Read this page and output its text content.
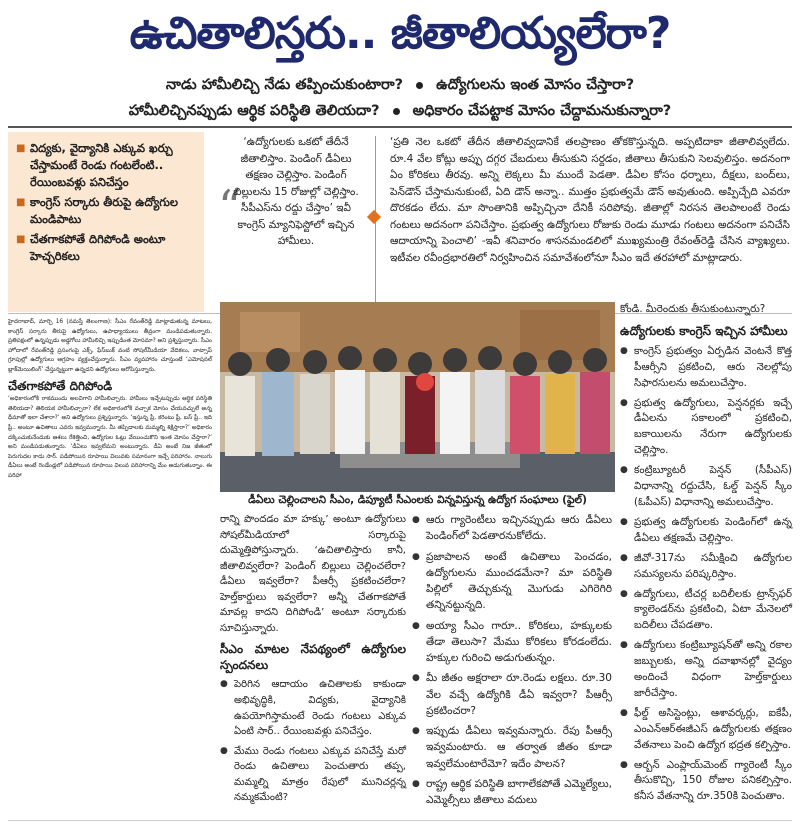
ఉచితాలిస్తరు.. జీతాలియ్యలేరా?
నాడు హామీలిచ్చి నేడు తప్పించుకుంటారా? ఉద్యోగులను ఇంత మోసం చేస్తారా?
హామీలిచ్చినప్పుడు ఆర్థిక పరిస్థితి తెలియదా? అధికారం చేపట్టాక మోసం చేద్దామనుకున్నారా?
■ విద్యకు, వైద్యానికి ఎక్కువ ఖర్చు చేస్తామంటే రెండు గంటలేంటి.. రేయింబవళ్లు పనిచేస్తం
■ కాంగ్రెస్ సర్కారు తీరుపై ఉద్యోగుల మండిపాటు
■ చేతగాకపోతే దిగిపోండి అంటూ హెచ్చరికలు
“
‘ఉద్యోగులకు ఒకటో తేదీనే జీతాలిస్తాం. పెండింగ్ డీఏలు తక్షణం చెల్లిస్తాం. పెండింగ్ బిల్లులను 15 రోజుల్లో చెల్లిస్తాం. సీపీఎస్‌ను రద్దు చేస్తాం’ ఇవీ కాంగ్రెస్ మ్యానిఫెస్టోలో ఇచ్చిన హామీలు.
‘ప్రతి నెల ఒకటో తేదీన జీతాలివ్వడానికే తలప్రాణం తోకకొస్తున్నది. అప్పటిదాకా జీతాలివ్వలేదు. రూ.4 వేల కోట్లు అప్పు దగ్గర చేబదులు తీసుకుని సర్దడం, జీతాలు తీసుకుని సెలవులిస్తం. అదనంగా ఏం కోరికలు తీరవు. అన్ని లెక్కలు మీ ముందే పెడతా. డీఏల కోసం ధర్నాలు, దీక్షలు, బంద్‌లు, పెన్‌డౌన్ చేస్తామనుకుంటే, ఏది డౌన్ అన్నా.. ముత్తం ప్రభుత్వమే డౌన్ అవుతుంది. అప్పిచ్చేది ఎవరూ దొరకడం లేదు. మా సొంతానికి అప్పిచ్చినా దేనికీ సరిపోవు. జీతాల్లో నిరసన తెలపాలంటే రెండు గంటలు అదనంగా పనిచేస్తాం. ప్రభుత్వ ఉద్యోగులు రోజుకు రెండు మూడు గంటలు అదనంగా పనిచేసి ఆదాయాన్ని పెంచాలి’ -ఇవీ శనివారం శాసనమండలిలో ముఖ్యమంత్రి రేవంత్‌రెడ్డి చేసిన వ్యాఖ్యలు. ఇటీవల రవీంద్రభారతిలో నిర్వహించిన సమావేశంలోనూ సీఎం ఇదే తరహాలో మాట్లాడారు.
హైదరాబాద్, మార్చి 16 (నమస్తే తెలంగాణ): సీఎం రేవంత్‌రెడ్డి మాట్లాడుతున్న మాటలు, కాంగ్రెస్ సర్కారు తీరుపై ఉద్యోగులు, ఉపాధ్యాయులు తీవ్రంగా మండిపడుతున్నారు. ప్రతిపక్షంలో ఉన్నప్పుడు అడ్డగోలు హామీలిచ్చి ఇప్పుడింత మోసమా? అని ప్రశ్నిస్తున్నారు. సీఎం హోదాలో రేవంత్‌రెడ్డి ప్రసంగంపై ఎక్స్, ఫేస్‌బుక్ వంటి సోషల్‌మీడియా వేదికలు, వాట్సాప్ గ్రూపుల్లో ఉద్యోగులు ఆగ్రహం వ్యక్తంచేస్తున్నారు. సీఎం వ్యవహారం చూస్తుంటే ‘ఎమోషనల్ బ్లాక్‌మెయిలింగ్’ చేస్తున్నట్టుగా ఉన్నదని ఉద్యోగులు ఆరోపిస్తున్నారు.
చేతగాకపోతే దిగిపోండి
‘అధికారంలోకి రాకముందు అలవిగాని హామీలిచ్చారు. హామీలు ఇచ్చేటప్పుడు ఆర్థిక పరిస్థితి తెలియదా? తెలియక హామీలిచ్చారా? లేక అధికారంలోకి వచ్చాక మోసం చేయవచ్చులే అన్న ధీమాతో ఇలా చేశారా?’ అని ఉద్యోగులు ప్రశ్నిస్తున్నారు. ‘ఇస్తున్న ఫ్రీ, కరెంటు ఫ్రీ, బస్ ఫ్రీ.. ఇది ఫ్రీ.. అంటూ ఉచితాలు ఎవరు ఇవ్వమన్నారు. మీ తప్పిదాలకు మమ్మల్ని శిక్షిస్తారా?’ అధికారం దక్కించుకునేందుకు ఆశలు రేకెత్తించి, ఉద్యోగుల ఓట్లు వేయించుకొని ఇంత మోసం చేస్తారా?’ అని మండిపడుతున్నారు. ‘డీఏలు ఇవ్వలేమని అంటున్నారు. డీఏ అంటే నిజ జీతంలో పెరుగుదల కాదు సార్. పడిపోయిన రూపాయి విలువకు సమానంగా ఇచ్చే పరిహారం. నాలుగు డీఏలు అంటే రెండేండ్లలో పడిపోయిన రూపాయి విలువ పరిహారాన్ని మేం అడుగుతున్నాం. ఈ పరిహా
డీఏలు చెల్లించాలని సీఎం, డిప్యూటీ సీఎంలకు విన్నవిస్తున్న ఉద్యోగ సంఘాలు (ఫైల్)
రాన్ని పొందడం మా హక్కు’ అంటూ ఉద్యోగులు సోషల్‌మీడియాలో సర్కారుపై దుమ్మెత్తిపోస్తున్నారు. ‘ఉచితాలిస్తారు కానీ, జీతాలివ్వలేరా? పెండింగ్ బిల్లులు చెల్లించలేరా? డీఏలు ఇవ్వలేరా? పీఆర్సీ ప్రకటించలేరా? హెల్త్‌కార్డులు ఇవ్వలేరా? అన్నీ చేతగాకపోతే మావల్ల కాదని దిగిపోండి’ అంటూ సర్కారుకు సూచిస్తున్నారు.
సీఎం మాటల నేపథ్యంలో ఉద్యోగుల స్పందనలు
● పెరిగిన ఆదాయం ఉచితాలకు కాకుండా అభివృద్ధికి, విద్యకు, వైద్యానికి ఉపయోగిస్తామంటే రెండు గంటలు ఎక్కువ ఏంటి సార్.. రేయింబవళ్లు పనిచేస్తం.
● మేము రెండు గంటలు ఎక్కువ పనిచేస్తే మరో రెండు ఉచితాలు పెంచుతారు తప్ప, మమ్మల్ని మాత్రం రేపులో మునిచర్లన్న నమ్మకమేంటి?
● ఆరు గ్యారెంటీలు ఇచ్చినప్పుడు ఆరు డీఏలు పెండింగ్‌లో పెడతారనుకోలేదు.
● ప్రజాపాలన అంటే ఉచితాలు పెంచడం, ఉద్యోగులను ముంచడమేనా? మా పరిస్థితి పిల్లిలో తెచ్చుకున్న మొగుడు ఎగిరెగిరి తన్నినట్టున్నది.
● అయ్యా సీఎం గారూ.. కోరికలు, హక్కులకు తేడా తెలుసా? మేము కోరికలు కోరడంలేదు. హక్కుల గురించి అడుగుతున్నం.
● మీ జీతం అక్షరాలా రూ.రెండు లక్షలు. రూ.30 వేల వచ్చే ఉద్యోగికి డీఏ ఇవ్వరా? పీఆర్సీ ప్రకటించరా?
● ఇప్పుడు డీఏలు ఇవ్వమన్నారు. రేపు పీఆర్సీ ఇవ్వమంటారు. ఆ తర్వాత జీతం కూడా ఇవ్వలేమంటారేమో? ఇదేం పాలన?
● రాష్ట్ర ఆర్థిక పరిస్థితి బాగాలేకపోతే ఎమ్మెల్యేలు, ఎమ్మెల్సీలు జీతాలు వదులు
కోండి. మీరెందుకు తీసుకుంటున్నారు?
ఉద్యోగులకు కాంగ్రెస్ ఇచ్చిన హామీలు
● కాంగ్రెస్ ప్రభుత్వం ఏర్పడిన వెంటనే కొత్త పీఆర్సీని ప్రకటించి, ఆరు నెలల్లోపు సిఫారసులను అమలుచేస్తాం.
● ప్రభుత్వ ఉద్యోగులు, పెన్షనర్లకు ఇచ్చే డీఏలను సకాలంలో ప్రకటించి, బకాయిలను నేరుగా ఉద్యోగులకు చెల్లిస్తాం.
● కంట్రిబ్యూటరీ పెన్షన్ (సీపీఎస్) విధానాన్ని రద్దుచేసి, ఓల్డ్ పెన్షన్ స్కీం (ఓపీఎస్) విధానాన్ని అమలుచేస్తాం.
● ప్రభుత్వ ఉద్యోగులకు పెండింగ్‌లో ఉన్న డీఏలు తక్షణమే చెల్లిస్తాం.
● జీవో-317ను సమీక్షించి ఉద్యోగుల సమస్యలను పరిష్కరిస్తాం.
● ఉద్యోగులు, టీచర్ల బదిలీలకు ట్రాన్స్‌ఫర్ క్యాలెండర్‌ను ప్రకటించి, ఏటా మేనెలలో బదిలీలు చేపడతాం.
● ఉద్యోగులు కంట్రిబ్యూషన్‌తో అన్ని రకాల జబ్బులకు, అన్ని దవాఖానల్లో వైద్యం అందించే విధంగా హెల్త్‌కార్డులు జారీచేస్తాం.
● ఫీల్డ్ అసిస్టెంట్లు, ఆశావర్కర్లు, ఐకేపీ, ఎంఎన్‌ఆర్‌ఈజీఎస్ ఉద్యోగులకు తక్షణం వేతనాలు పెంచి ఉద్యోగ భద్రత కల్పిస్తాం.
● ఆర్బన్ ఎంప్లాయ్‌మెంట్ గ్యారెంటీ స్కీం తీసుకొచ్చి, 150 రోజుల పనికల్పిస్తాం. కనీస వేతనాన్ని రూ.350కి పెంచుతాం.
